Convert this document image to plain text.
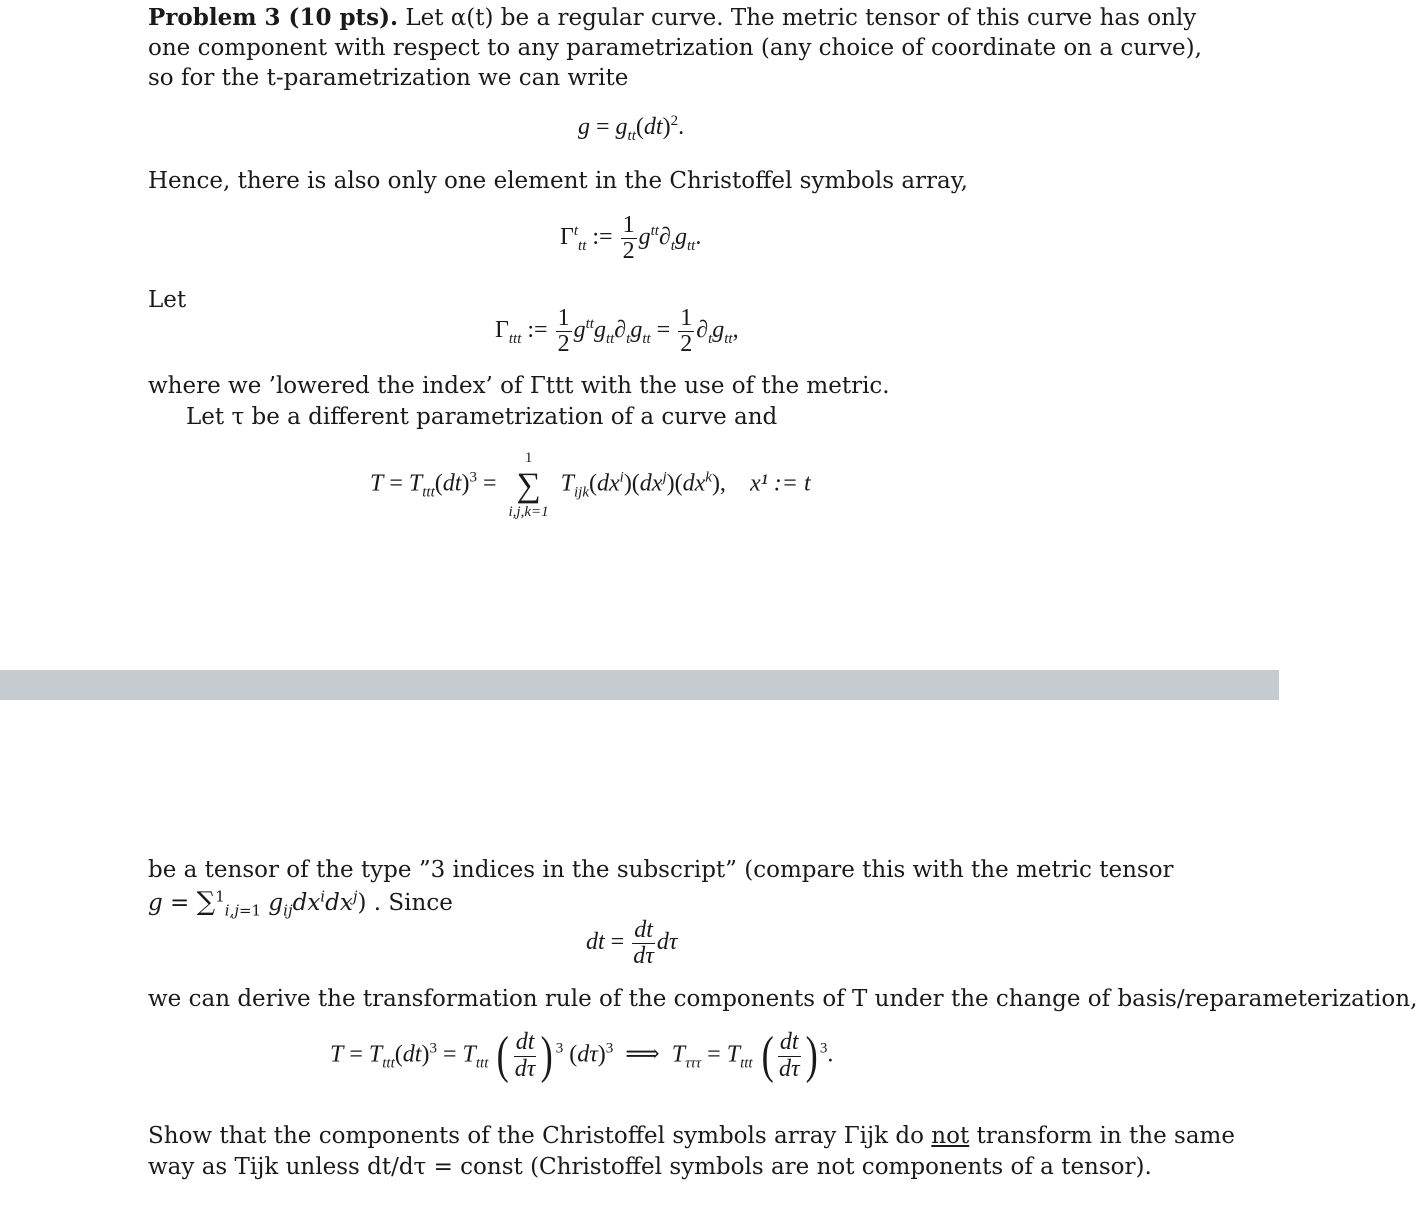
Problem 3 (10 pts). Let α(t) be a regular curve. The metric tensor of this curve has only
one component with respect to any parametrization (any choice of coordinate on a curve),
so for the t-parametrization we can write
$g = g_{tt}(dt)^2$.
Hence, there is also only one element in the Christoffel symbols array,
$\Gamma^t_{tt}$ := $\frac{1}{2} g^{tt}\partial_tg_{tt}$.
Let
$\Gamma_{ttt}$ := $\frac{1}{2} g^{tt}g_{tt}\partial_tg_{tt} = \frac{1}{2} \partial_tg_{tt}$,
where we ’lowered the index’ of Γttt with the use of the metric.
Let τ be a different parametrization of a curve and
$T = T_{ttt}(dt)^3$ =
1
∑
i,j,k=1
$T_{ijk}(dx^i)(dx^j)(dx^k)$,    x¹ := t
be a tensor of the type ”3 indices in the subscript” (compare this with the metric tensor
g = ∑$^1_{i,j=1}$ $g_{ij}dx^idx^j$) . Since
dt = $\frac{dt}{d\tau}$ dτ
we can derive the transformation rule of the components of T under the change of basis/reparameterization,
$T = T_{ttt}(dt)^3 = T_{ttt}$ ( $\frac{dt}{d\tau}$ ) $^3$ $(d\tau)^3$  ⟹  $T_{\tau\tau\tau} = T_{ttt}$ ( $\frac{dt}{d\tau}$ ) $^3$.
Show that the components of the Christoffel symbols array Γijk do not transform in the same
way as Tijk unless dt/dτ = const (Christoffel symbols are not components of a tensor).
